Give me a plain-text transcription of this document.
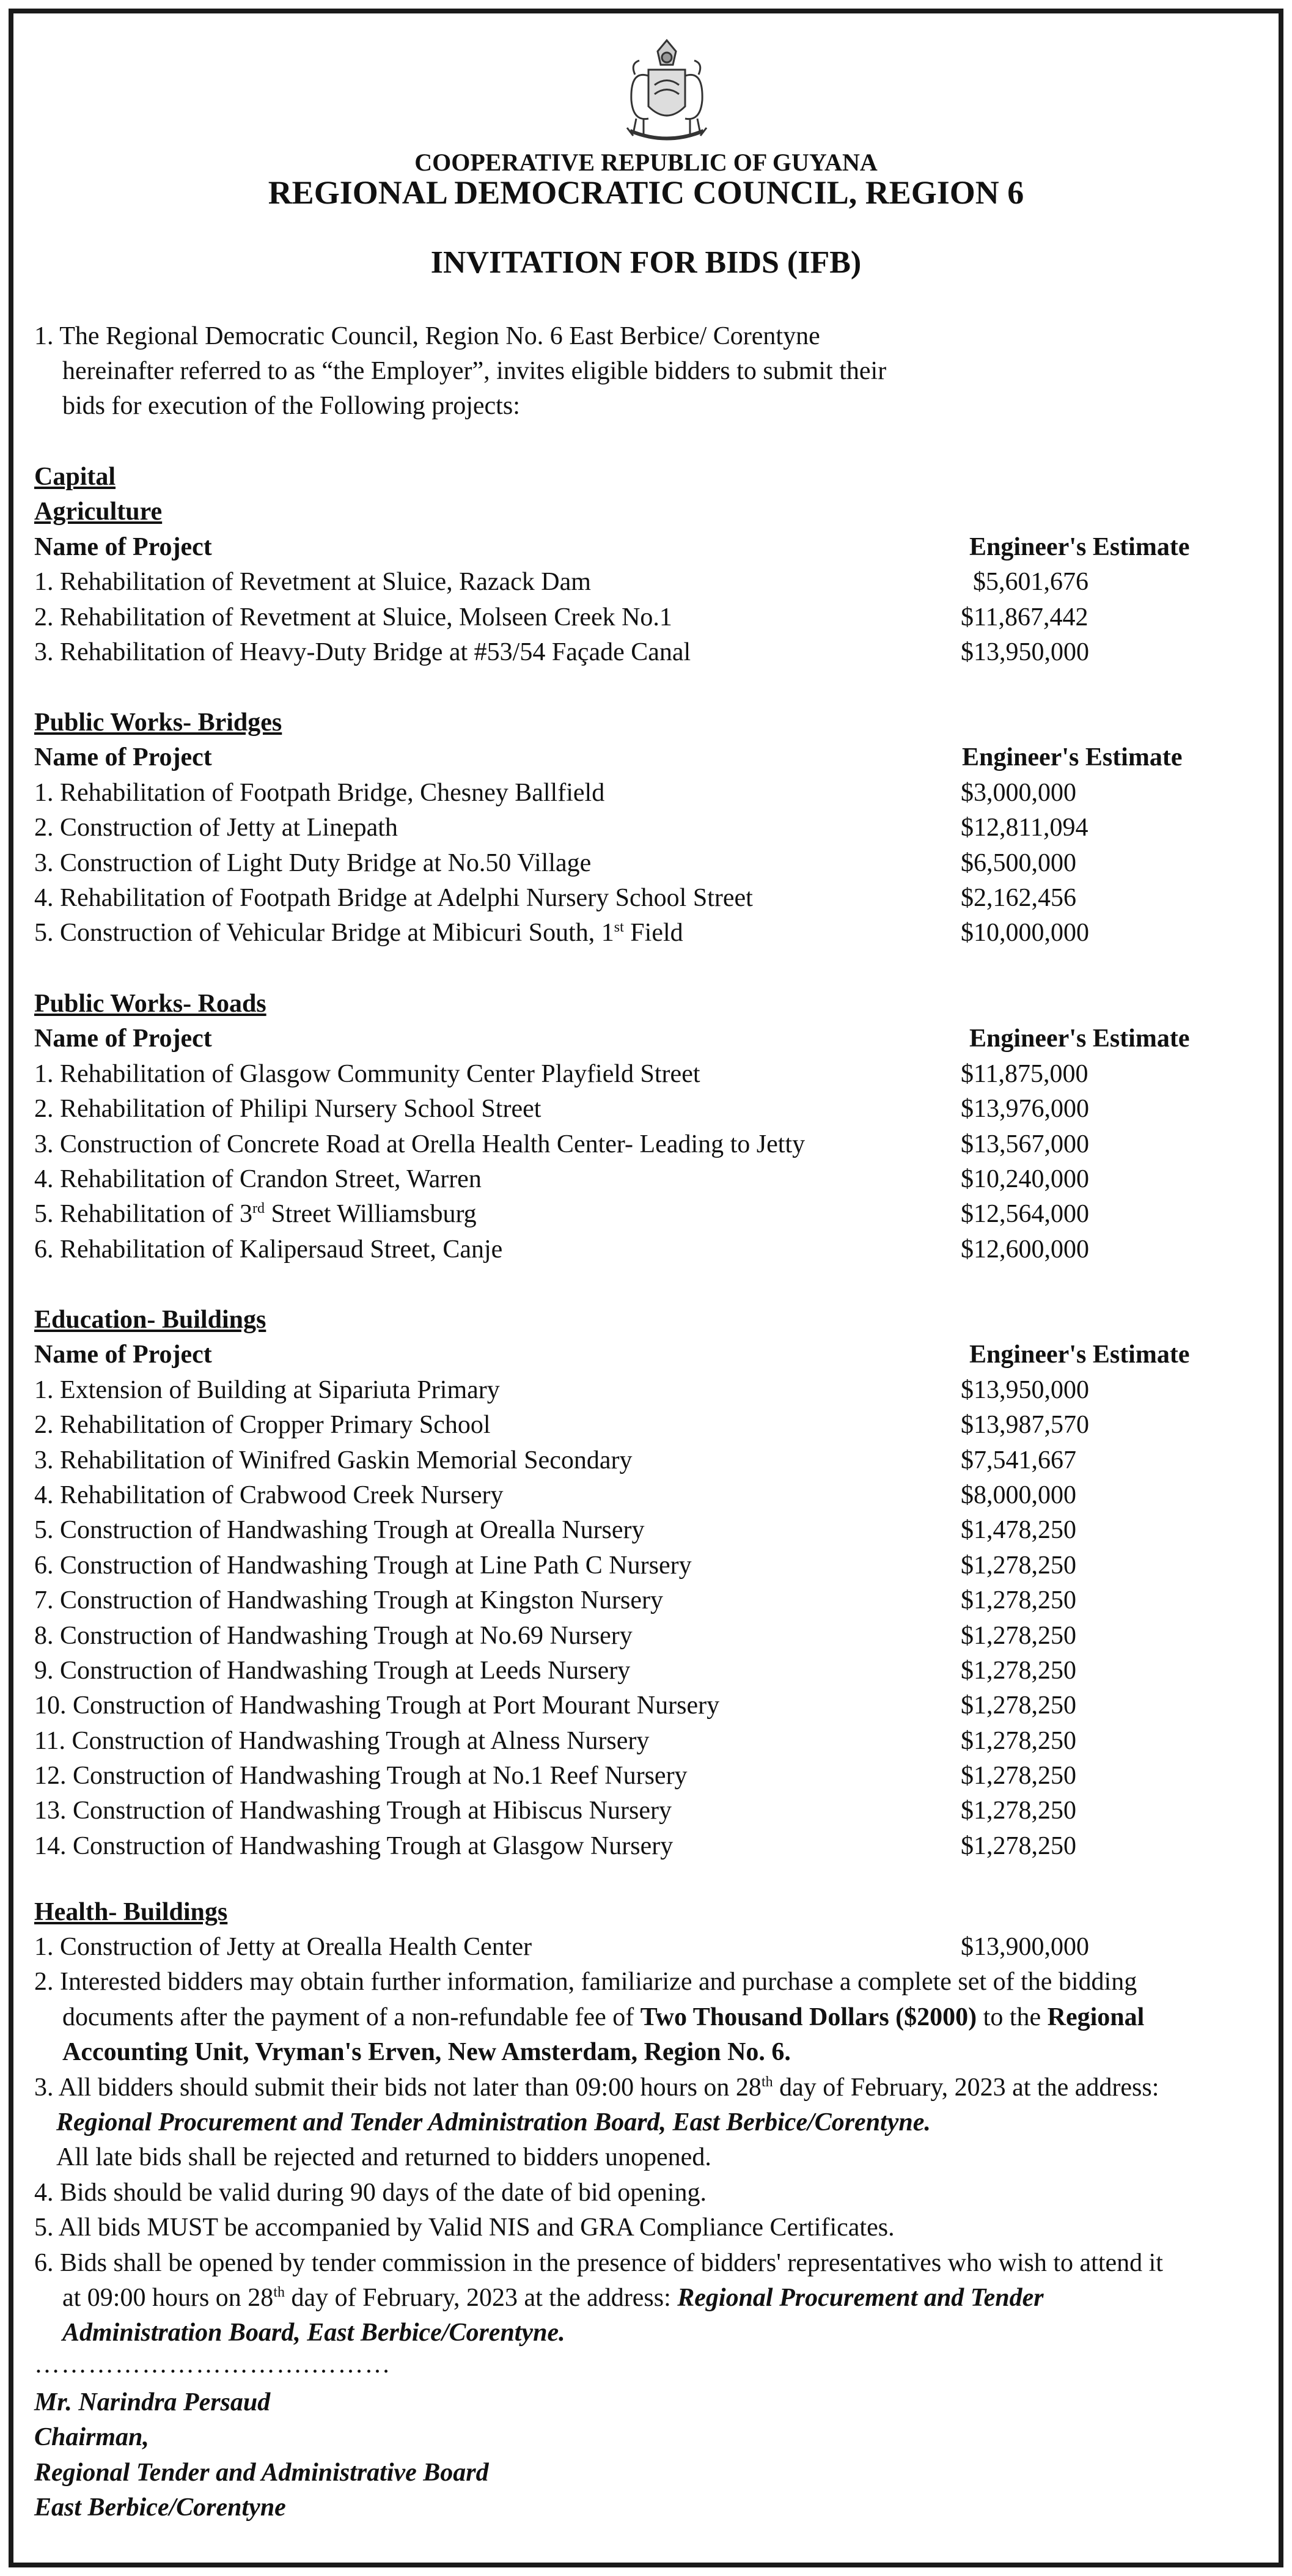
COOPERATIVE REPUBLIC OF GUYANA
REGIONAL DEMOCRATIC COUNCIL, REGION 6
INVITATION FOR BIDS (IFB)
1. The Regional Democratic Council, Region No. 6 East Berbice/ Corentyne
hereinafter referred to as “the Employer”, invites eligible bidders to submit their
bids for execution of the Following projects:
Capital
Agriculture
Name of Project	Engineer's Estimate
1. Rehabilitation of Revetment at Sluice, Razack Dam	$5,601,676
2. Rehabilitation of Revetment at Sluice, Molseen Creek No.1	$11,867,442
3. Rehabilitation of Heavy-Duty Bridge at #53/54 Façade Canal	$13,950,000
Public Works- Bridges
Name of Project	Engineer's Estimate
1. Rehabilitation of Footpath Bridge, Chesney Ballfield	$3,000,000
2. Construction of Jetty at Linepath	$12,811,094
3. Construction of Light Duty Bridge at No.50 Village	$6,500,000
4. Rehabilitation of Footpath Bridge at Adelphi Nursery School Street	$2,162,456
5. Construction of Vehicular Bridge at Mibicuri South, 1st Field	$10,000,000
Public Works- Roads
Name of Project	Engineer's Estimate
1. Rehabilitation of Glasgow Community Center Playfield Street	$11,875,000
2. Rehabilitation of Philipi Nursery School Street	$13,976,000
3. Construction of Concrete Road at Orella Health Center- Leading to Jetty	$13,567,000
4. Rehabilitation of Crandon Street, Warren	$10,240,000
5. Rehabilitation of 3rd Street Williamsburg	$12,564,000
6. Rehabilitation of Kalipersaud Street, Canje	$12,600,000
Education- Buildings
Name of Project	Engineer's Estimate
1. Extension of Building at Sipariuta Primary	$13,950,000
2. Rehabilitation of Cropper Primary School	$13,987,570
3. Rehabilitation of Winifred Gaskin Memorial Secondary	$7,541,667
4. Rehabilitation of Crabwood Creek Nursery	$8,000,000
5. Construction of Handwashing Trough at Orealla Nursery	$1,478,250
6. Construction of Handwashing Trough at Line Path C Nursery	$1,278,250
7. Construction of Handwashing Trough at Kingston Nursery	$1,278,250
8. Construction of Handwashing Trough at No.69 Nursery	$1,278,250
9. Construction of Handwashing Trough at Leeds Nursery	$1,278,250
10. Construction of Handwashing Trough at Port Mourant Nursery	$1,278,250
11. Construction of Handwashing Trough at Alness Nursery	$1,278,250
12. Construction of Handwashing Trough at No.1 Reef Nursery	$1,278,250
13. Construction of Handwashing Trough at Hibiscus Nursery	$1,278,250
14. Construction of Handwashing Trough at Glasgow Nursery	$1,278,250
Health- Buildings
1. Construction of Jetty at Orealla Health Center	$13,900,000
2. Interested bidders may obtain further information, familiarize and purchase a complete set of the bidding
documents after the payment of a non-refundable fee of Two Thousand Dollars ($2000) to the Regional
Accounting Unit, Vryman's Erven, New Amsterdam, Region No. 6.
3. All bidders should submit their bids not later than 09:00 hours on 28th day of February, 2023 at the address:
Regional Procurement and Tender Administration Board, East Berbice/Corentyne.
All late bids shall be rejected and returned to bidders unopened.
4. Bids should be valid during 90 days of the date of bid opening.
5. All bids MUST be accompanied by Valid NIS and GRA Compliance Certificates.
6. Bids shall be opened by tender commission in the presence of bidders' representatives who wish to attend it
at 09:00 hours on 28th day of February, 2023 at the address: Regional Procurement and Tender
Administration Board, East Berbice/Corentyne.
………………………….………
Mr. Narindra Persaud
Chairman,
Regional Tender and Administrative Board
East Berbice/Corentyne
